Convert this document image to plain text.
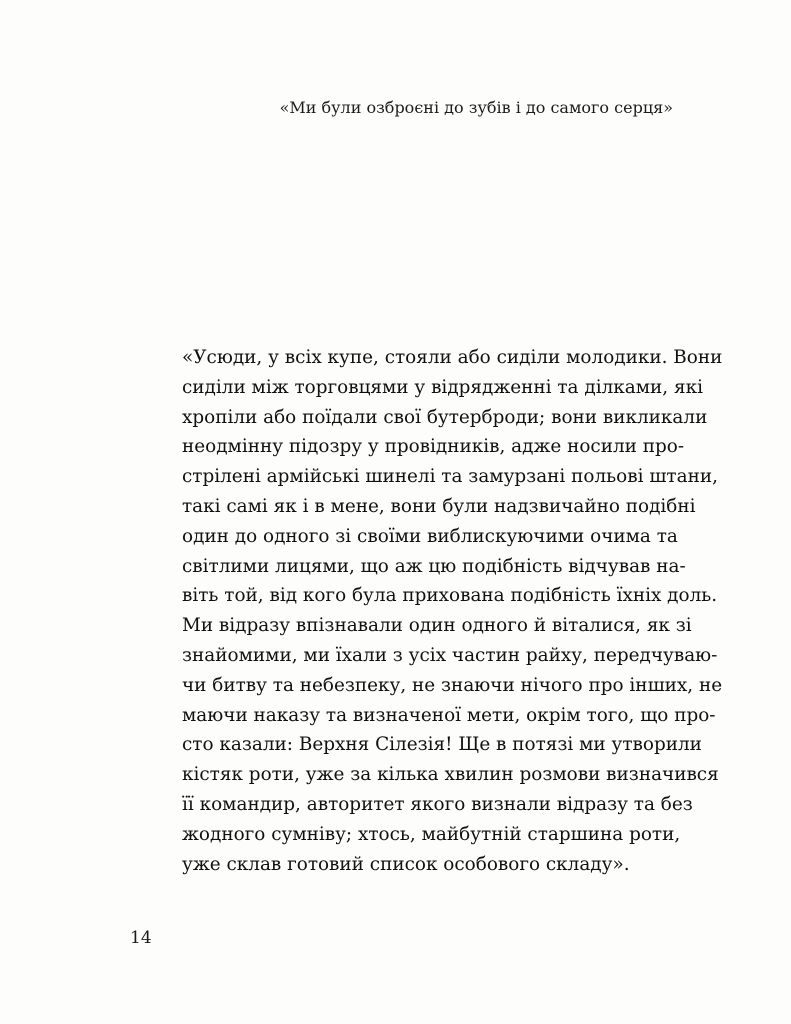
«Ми були озброєні до зубів і до самого серця»
«Усюди, у всіх купе, стояли або сиділи молодики. Вони
сиділи між торговцями у відрядженні та ділками, які
хропіли або поїдали свої бутерброди; вони викликали
неодмінну підозру у провідників, адже носили про-
стрілені армійські шинелі та замурзані польові штани,
такі самі як і в мене, вони були надзвичайно подібні
один до одного зі своїми виблискуючими очима та
світлими лицями, що аж цю подібність відчував на-
віть той, від кого була прихована подібність їхніх доль.
Ми відразу впізнавали один одного й віталися, як зі
знайомими, ми їхали з усіх частин райху, передчуваю-
чи битву та небезпеку, не знаючи нічого про інших, не
маючи наказу та визначеної мети, окрім того, що про-
сто казали: Верхня Сілезія! Ще в потязі ми утворили
кістяк роти, уже за кілька хвилин розмови визначився
її командир, авторитет якого визнали відразу та без
жодного сумніву; хтось, майбутній старшина роти,
уже склав готовий список особового складу».
14
